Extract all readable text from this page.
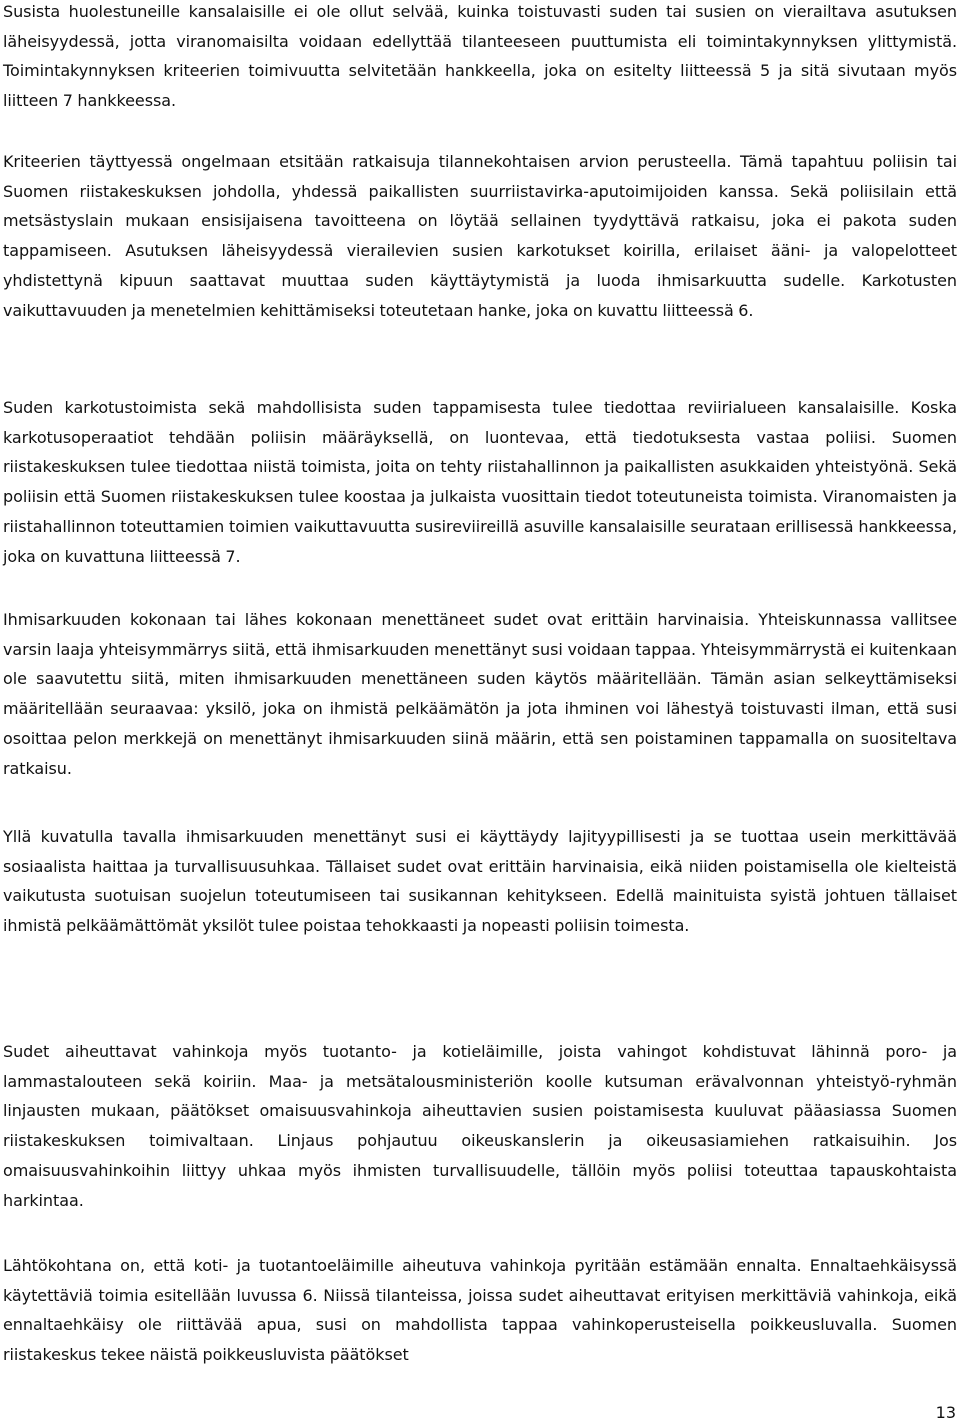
Susista huolestuneille kansalaisille ei ole ollut selvää, kuinka toistuvasti suden tai susien on vierailtava asutuksen läheisyydessä, jotta viranomaisilta voidaan edellyttää tilanteeseen puuttumista eli toimintakynnyksen ylittymistä. Toimintakynnyksen kriteerien toimivuutta selvitetään hankkeella, joka on esitelty liitteessä 5 ja sitä sivutaan myös liitteen 7 hankkeessa.

Kriteerien täyttyessä ongelmaan etsitään ratkaisuja tilannekohtaisen arvion perusteella. Tämä tapahtuu poliisin tai Suomen riistakeskuksen johdolla, yhdessä paikallisten suurriistavirka-aputoimijoiden kanssa. Sekä poliisilain että metsästyslain mukaan ensisijaisena tavoitteena on löytää sellainen tyydyttävä ratkaisu, joka ei pakota suden tappamiseen. Asutuksen läheisyydessä vierailevien susien karkotukset koirilla, erilaiset ääni- ja valopelotteet yhdistettynä kipuun saattavat muuttaa suden käyttäytymistä ja luoda ihmisarkuutta sudelle. Karkotusten vaikuttavuuden ja menetelmien kehittämiseksi toteutetaan hanke, joka on kuvattu liitteessä 6.

Suden karkotustoimista sekä mahdollisista suden tappamisesta tulee tiedottaa reviirialueen kansalaisille. Koska karkotusoperaatiot tehdään poliisin määräyksellä, on luontevaa, että tiedotuksesta vastaa poliisi. Suomen riistakeskuksen tulee tiedottaa niistä toimista, joita on tehty riistahallinnon ja paikallisten asukkaiden yhteistyönä. Sekä poliisin että Suomen riistakeskuksen tulee koostaa ja julkaista vuosittain tiedot toteutuneista toimista. Viranomaisten ja riistahallinnon toteuttamien toimien vaikuttavuutta susireviireillä asuville kansalaisille seurataan erillisessä hankkeessa, joka on kuvattuna liitteessä 7.

Ihmisarkuuden kokonaan tai lähes kokonaan menettäneet sudet ovat erittäin harvinaisia. Yhteiskunnassa vallitsee varsin laaja yhteisymmärrys siitä, että ihmisarkuuden menettänyt susi voidaan tappaa. Yhteisymmärrystä ei kuitenkaan ole saavutettu siitä, miten ihmisarkuuden menettäneen suden käytös määritellään. Tämän asian selkeyttämiseksi määritellään seuraavaa: yksilö, joka on ihmistä pelkäämätön ja jota ihminen voi lähestyä toistuvasti ilman, että susi osoittaa pelon merkkejä on menettänyt ihmisarkuuden siinä määrin, että sen poistaminen tappamalla on suositeltava ratkaisu.

Yllä kuvatulla tavalla ihmisarkuuden menettänyt susi ei käyttäydy lajityypillisesti ja se tuottaa usein merkittävää sosiaalista haittaa ja turvallisuusuhkaa. Tällaiset sudet ovat erittäin harvinaisia, eikä niiden poistamisella ole kielteistä vaikutusta suotuisan suojelun toteutumiseen tai susikannan kehitykseen. Edellä mainituista syistä johtuen tällaiset ihmistä pelkäämättömät yksilöt tulee poistaa tehokkaasti ja nopeasti poliisin toimesta.

Sudet aiheuttavat vahinkoja myös tuotanto- ja kotieläimille, joista vahingot kohdistuvat lähinnä poro- ja lammastalouteen sekä koiriin. Maa- ja metsätalousministeriön koolle kutsuman erävalvonnan yhteistyö-ryhmän linjausten mukaan, päätökset omaisuusvahinkoja aiheuttavien susien poistamisesta kuuluvat pääasiassa Suomen riistakeskuksen toimivaltaan. Linjaus pohjautuu oikeuskanslerin ja oikeusasiamiehen ratkaisuihin. Jos omaisuusvahinkoihin liittyy uhkaa myös ihmisten turvallisuudelle, tällöin myös poliisi toteuttaa tapauskohtaista harkintaa.

Lähtökohtana on, että koti- ja tuotantoeläimille aiheutuva vahinkoja pyritään estämään ennalta. Ennaltaehkäisyssä käytettäviä toimia esitellään luvussa 6. Niissä tilanteissa, joissa sudet aiheuttavat erityisen merkittäviä vahinkoja, eikä ennaltaehkäisy ole riittävää apua, susi on mahdollista tappaa vahinkoperusteisella poikkeusluvalla. Suomen riistakeskus tekee näistä poikkeusluvista päätökset

13
